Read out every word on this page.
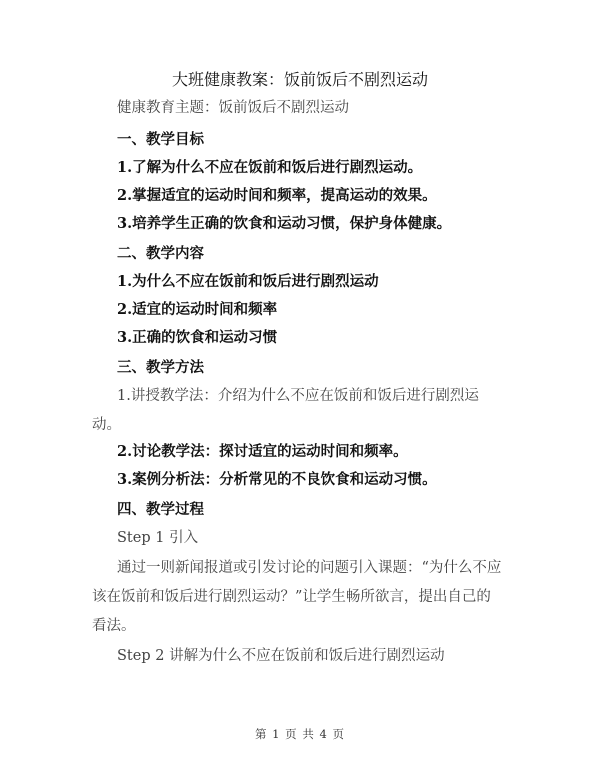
大班健康教案：饭前饭后不剧烈运动
健康教育主题：饭前饭后不剧烈运动
一、教学目标
1.了解为什么不应在饭前和饭后进行剧烈运动。
2.掌握适宜的运动时间和频率，提高运动的效果。
3.培养学生正确的饮食和运动习惯，保护身体健康。
二、教学内容
1.为什么不应在饭前和饭后进行剧烈运动
2.适宜的运动时间和频率
3.正确的饮食和运动习惯
三、教学方法
1.讲授教学法：介绍为什么不应在饭前和饭后进行剧烈运动。
2.讨论教学法：探讨适宜的运动时间和频率。
3.案例分析法：分析常见的不良饮食和运动习惯。
四、教学过程
Step 1 引入
通过一则新闻报道或引发讨论的问题引入课题：“为什么不应该在饭前和饭后进行剧烈运动？”让学生畅所欲言，提出自己的看法。
Step 2 讲解为什么不应在饭前和饭后进行剧烈运动
第 1 页 共 4 页
